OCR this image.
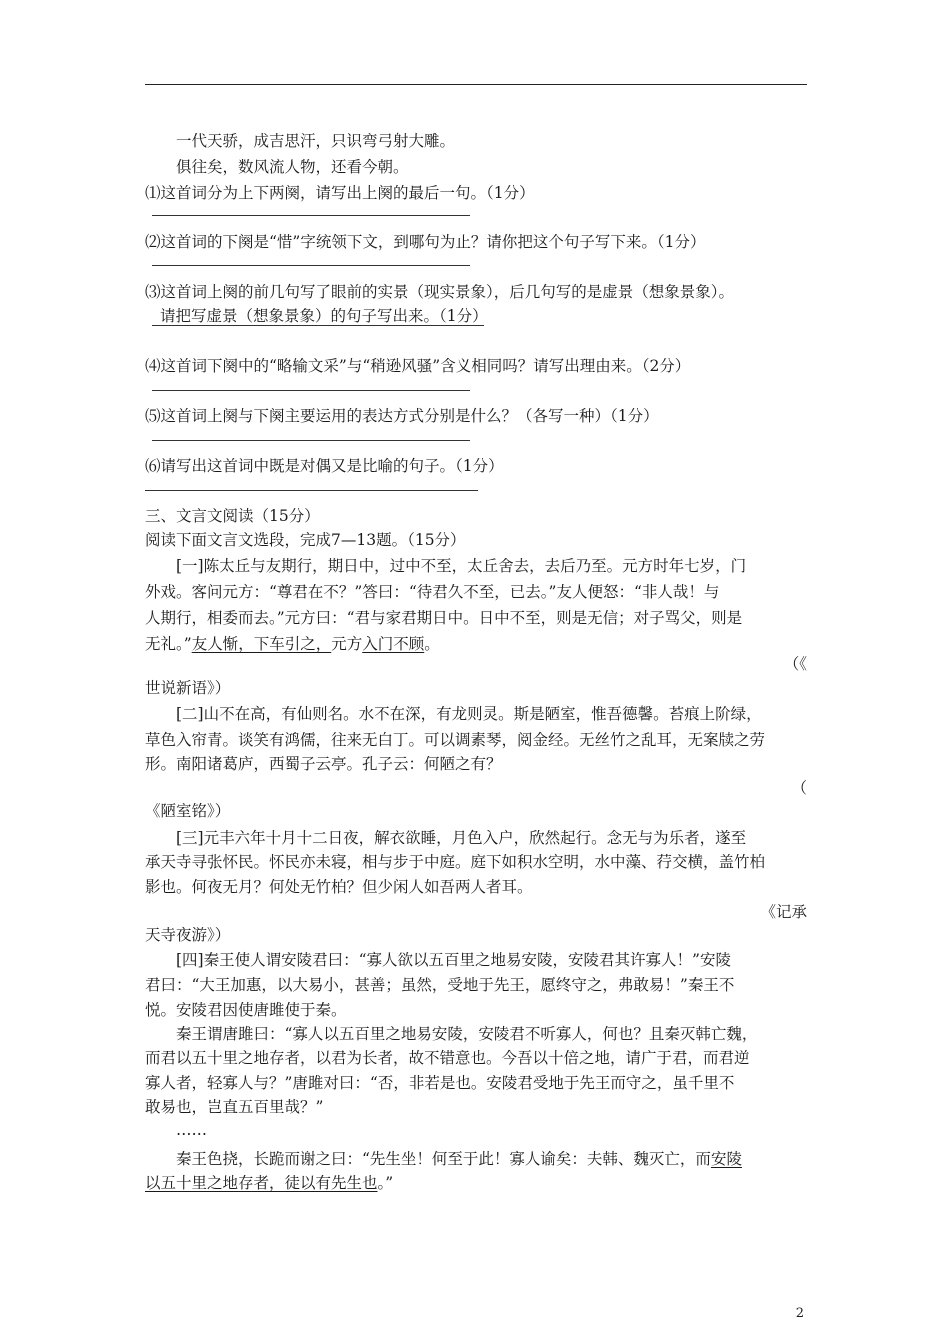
一代天骄，成吉思汗，只识弯弓射大雕。
俱往矣，数风流人物，还看今朝。
⑴这首词分为上下两阕，请写出上阕的最后一句。（1分）
⑵这首词的下阕是“惜”字统领下文，到哪句为止？请你把这个句子写下来。（1分）
⑶这首词上阕的前几句写了眼前的实景（现实景象），后几句写的是虚景（想象景象）。
请把写虚景（想象景象）的句子写出来。（1分）
⑷这首词下阕中的“略输文采”与“稍逊风骚”含义相同吗？请写出理由来。（2分）
⑸这首词上阕与下阕主要运用的表达方式分别是什么？（各写一种）（1分）
⑹请写出这首词中既是对偶又是比喻的句子。（1分）
三、文言文阅读（15分）
阅读下面文言文选段，完成7—13题。（15分）
[一]陈太丘与友期行，期日中，过中不至，太丘舍去，去后乃至。元方时年七岁，门
外戏。客问元方：“尊君在不？”答曰：“待君久不至，已去。”友人便怒：“非人哉！与
人期行，相委而去。”元方曰：“君与家君期日中。日中不至，则是无信；对子骂父，则是
无礼。”友人惭，下车引之，元方入门不顾。
（《
世说新语》）
[二]山不在高，有仙则名。水不在深，有龙则灵。斯是陋室，惟吾德馨。苔痕上阶绿，
草色入帘青。谈笑有鸿儒，往来无白丁。可以调素琴，阅金经。无丝竹之乱耳，无案牍之劳
形。南阳诸葛庐，西蜀子云亭。孔子云：何陋之有？
（
《陋室铭》）
[三]元丰六年十月十二日夜，解衣欲睡，月色入户，欣然起行。念无与为乐者，遂至
承天寺寻张怀民。怀民亦未寝，相与步于中庭。庭下如积水空明，水中藻、荇交横，盖竹柏
影也。何夜无月？何处无竹柏？但少闲人如吾两人者耳。
《记承
天寺夜游》）
[四]秦王使人谓安陵君曰：“寡人欲以五百里之地易安陵，安陵君其许寡人！”安陵
君曰：“大王加惠，以大易小，甚善；虽然，受地于先王，愿终守之，弗敢易！”秦王不
悦。安陵君因使唐雎使于秦。
秦王谓唐雎曰：“寡人以五百里之地易安陵，安陵君不听寡人，何也？且秦灭韩亡魏，
而君以五十里之地存者，以君为长者，故不错意也。今吾以十倍之地，请广于君，而君逆
寡人者，轻寡人与？”唐雎对曰：“否，非若是也。安陵君受地于先王而守之，虽千里不
敢易也，岂直五百里哉？”
……
秦王色挠，长跪而谢之曰：“先生坐！何至于此！寡人谕矣：夫韩、魏灭亡，而安陵
以五十里之地存者，徒以有先生也。”
2
